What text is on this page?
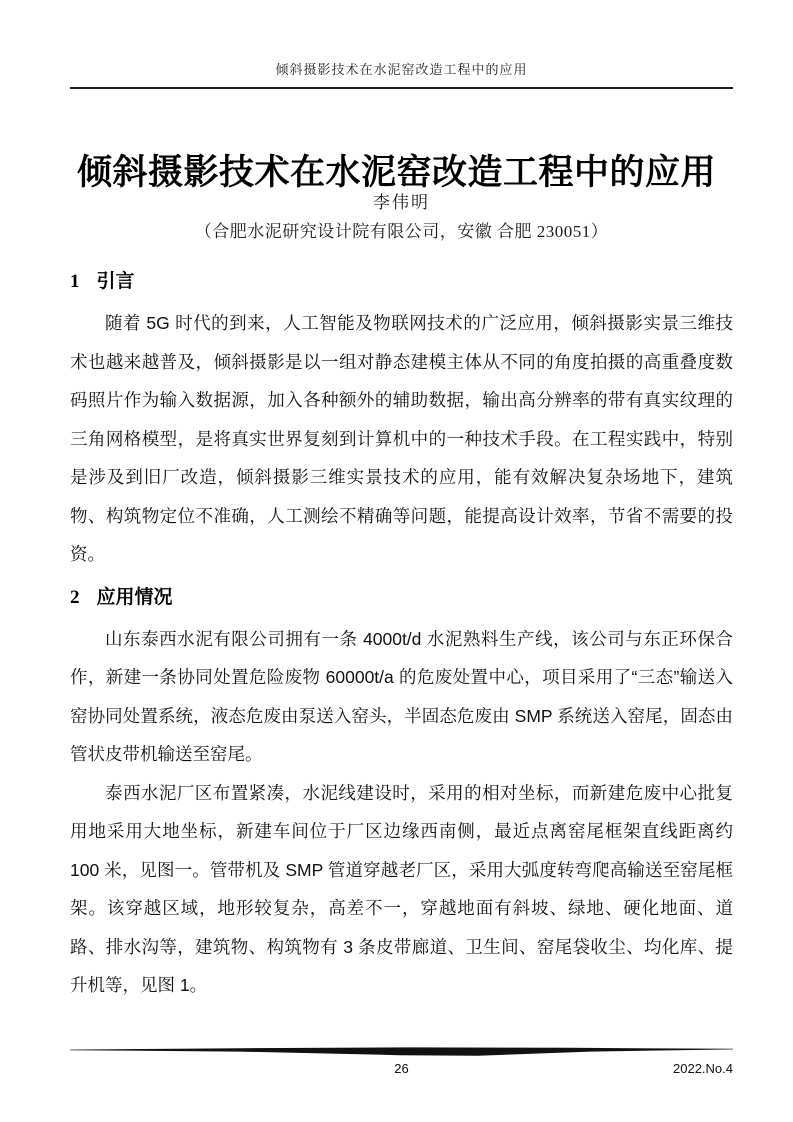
倾斜摄影技术在水泥窑改造工程中的应用
倾斜摄影技术在水泥窑改造工程中的应用
李伟明
（合肥水泥研究设计院有限公司，安徽 合肥 230051）
1 引言

随着 5G 时代的到来，人工智能及物联网技术的广泛应用，倾斜摄影实景三维技术也越来越普及，倾斜摄影是以一组对静态建模主体从不同的角度拍摄的高重叠度数码照片作为输入数据源，加入各种额外的辅助数据，输出高分辨率的带有真实纹理的三角网格模型，是将真实世界复刻到计算机中的一种技术手段。在工程实践中，特别是涉及到旧厂改造，倾斜摄影三维实景技术的应用，能有效解决复杂场地下，建筑物、构筑物定位不准确，人工测绘不精确等问题，能提高设计效率，节省不需要的投资。

2 应用情况

山东泰西水泥有限公司拥有一条 4000t/d 水泥熟料生产线，该公司与东正环保合作，新建一条协同处置危险废物 60000t/a 的危废处置中心，项目采用了“三态”输送入窑协同处置系统，液态危废由泵送入窑头，半固态危废由 SMP 系统送入窑尾，固态由管状皮带机输送至窑尾。

泰西水泥厂区布置紧凑，水泥线建设时，采用的相对坐标，而新建危废中心批复用地采用大地坐标，新建车间位于厂区边缘西南侧，最近点离窑尾框架直线距离约 100 米，见图一。管带机及 SMP 管道穿越老厂区，采用大弧度转弯爬高输送至窑尾框架。该穿越区域，地形较复杂，高差不一，穿越地面有斜坡、绿地、硬化地面、道路、排水沟等，建筑物、构筑物有 3 条皮带廊道、卫生间、窑尾袋收尘、均化库、提升机等，见图 1。

26	2022.No.4
